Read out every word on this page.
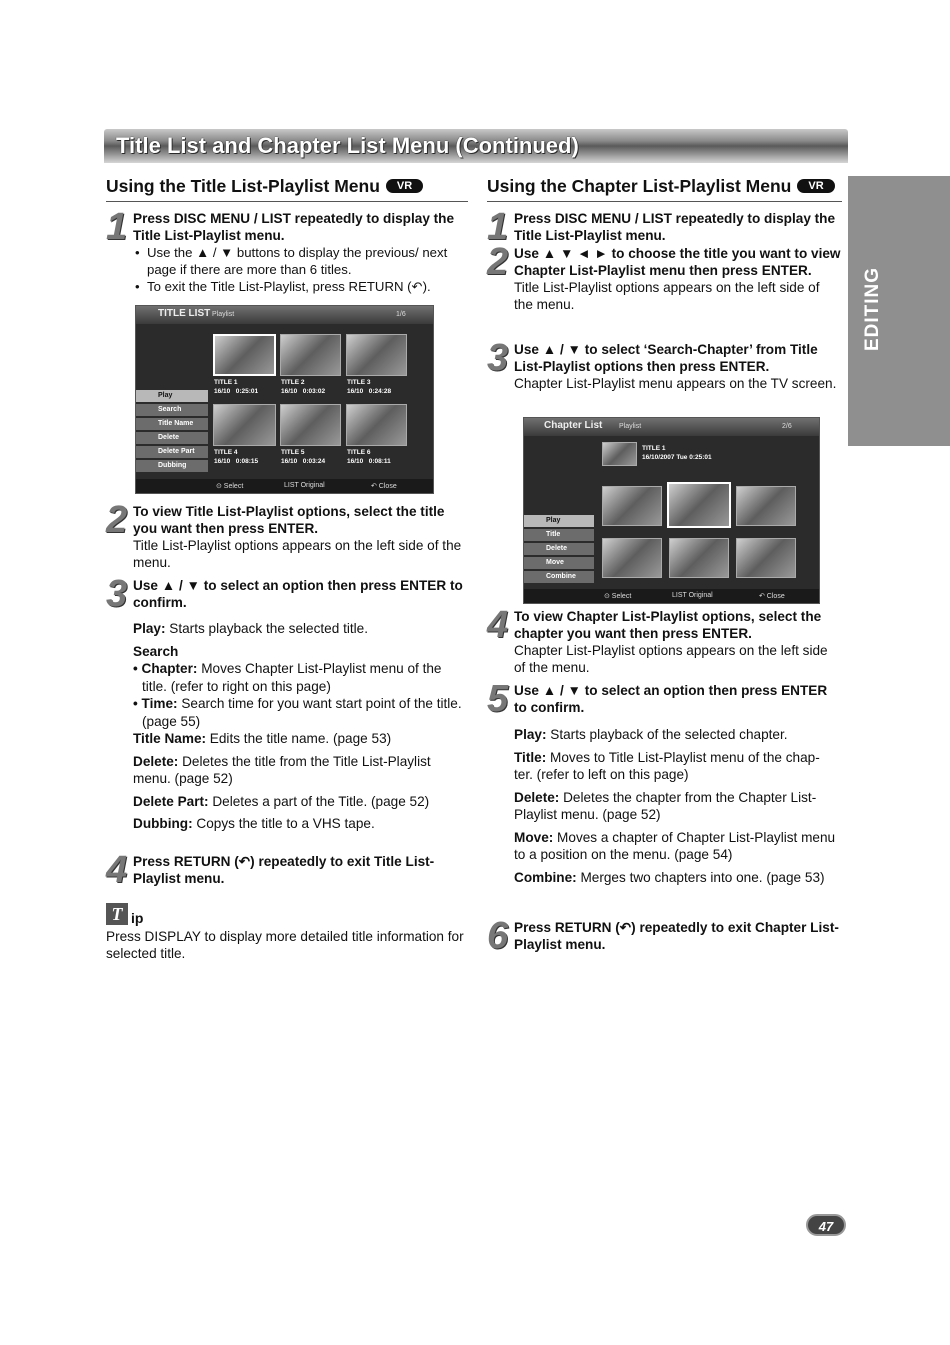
Title List and Chapter List Menu (Continued)
EDITING
Using the Title List-Playlist Menu VR
1 Press DISC MENU / LIST repeatedly to display the Title List-Playlist menu.
• Use the ▲ / ▼ buttons to display the previous/ next page if there are more than 6 titles.
• To exit the Title List-Playlist, press RETURN (↶).
TITLE LIST Playlist	1/6
Play
Search
Title Name
Delete
Delete Part
Dubbing
TITLE 1
16/10 0:25:01
TITLE 2
16/10 0:03:02
TITLE 3
16/10 0:24:28
TITLE 4
16/10 0:08:15
TITLE 5
16/10 0:03:24
TITLE 6
16/10 0:08:11
⊙ Select	LIST Original	↶ Close
2 To view Title List-Playlist options, select the title you want then press ENTER.
Title List-Playlist options appears on the left side of the menu.
3 Use ▲ / ▼ to select an option then press ENTER to confirm.
Play: Starts playback the selected title.
Search
• Chapter: Moves Chapter List-Playlist menu of the title. (refer to right on this page)
• Time: Search time for you want start point of the title. (page 55)
Title Name: Edits the title name. (page 53)
Delete: Deletes the title from the Title List-Playlist menu. (page 52)
Delete Part: Deletes a part of the Title. (page 52)
Dubbing: Copys the title to a VHS tape.
4 Press RETURN (↶) repeatedly to exit Title List-Playlist menu.
T ip
Press DISPLAY to display more detailed title information for selected title.
Using the Chapter List-Playlist Menu VR
1 Press DISC MENU / LIST repeatedly to display the Title List-Playlist menu.
2 Use ▲ ▼ ◄ ► to choose the title you want to view Chapter List-Playlist menu then press ENTER.
Title List-Playlist options appears on the left side of the menu.
3 Use ▲ / ▼ to select ‘Search-Chapter’ from Title List-Playlist options then press ENTER.
Chapter List-Playlist menu appears on the TV screen.
Chapter List Playlist	2/6
TITLE 1
16/10/2007 Tue 0:25:01
Play
Title
Delete
Move
Combine
⊙ Select	LIST Original	↶ Close
4 To view Chapter List-Playlist options, select the chapter you want then press ENTER.
Chapter List-Playlist options appears on the left side of the menu.
5 Use ▲ / ▼ to select an option then press ENTER to confirm.
Play: Starts playback of the selected chapter.
Title: Moves to Title List-Playlist menu of the chap- ter. (refer to left on this page)
Delete: Deletes the chapter from the Chapter List- Playlist menu. (page 52)
Move: Moves a chapter of Chapter List-Playlist menu to a position on the menu. (page 54)
Combine: Merges two chapters into one. (page 53)
6 Press RETURN (↶) repeatedly to exit Chapter List-Playlist menu.
47
